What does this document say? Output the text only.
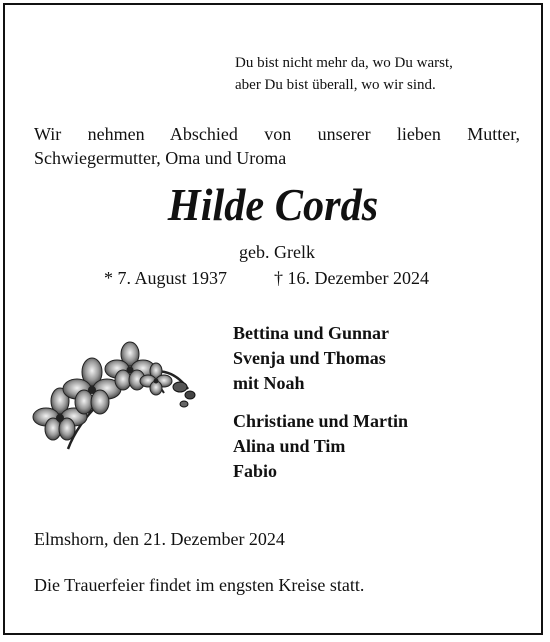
Du bist nicht mehr da, wo Du warst,
aber Du bist überall, wo wir sind.
Wir nehmen Abschied von unserer lieben Mutter,
Schwiegermutter, Oma und Uroma
Hilde Cords
geb. Grelk
* 7. August 1937	† 16. Dezember 2024
Bettina und Gunnar
Svenja und Thomas
mit Noah
Christiane und Martin
Alina und Tim
Fabio
Elmshorn, den 21. Dezember 2024
Die Trauerfeier findet im engsten Kreise statt.
